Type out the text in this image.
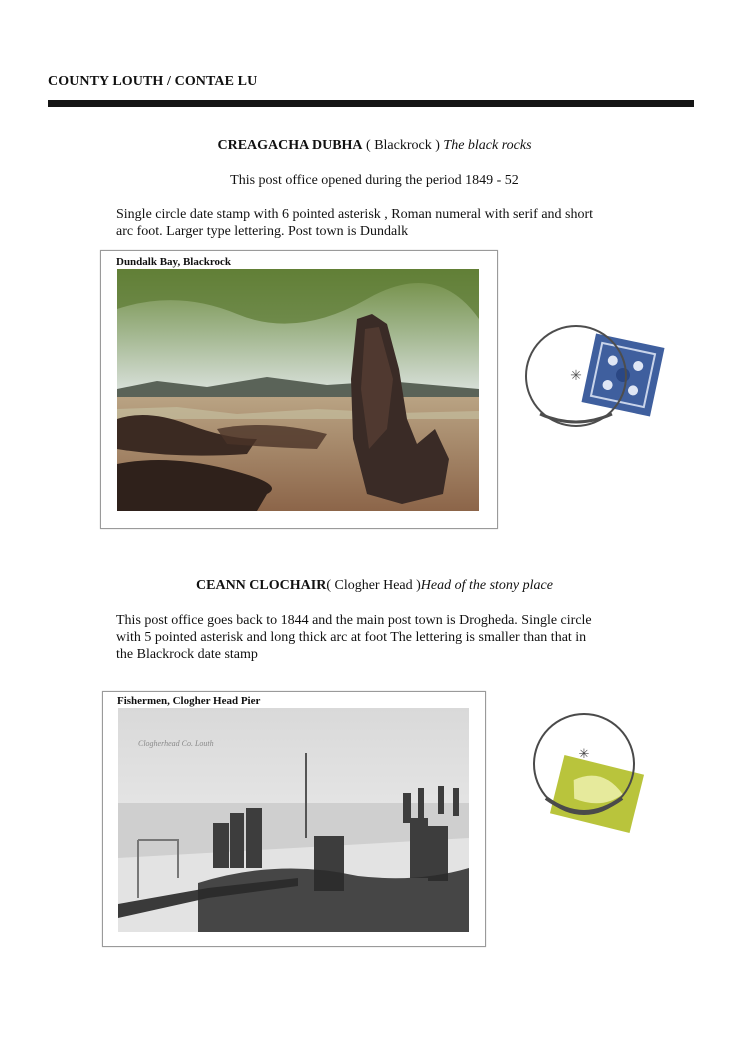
COUNTY LOUTH / CONTAE LU
CREAGACHA DUBHA ( Blackrock ) The black rocks
This post office opened during the period 1849 - 52
Single circle date stamp with 6 pointed asterisk , Roman numeral with serif and short
arc foot. Larger type lettering. Post town is Dundalk
Dundalk Bay, Blackrock
✳
CEANN CLOCHAIR( Clogher Head )Head of the stony place
This post office goes back to 1844 and the main post town is Drogheda. Single circle
with 5 pointed asterisk and long thick arc at foot The lettering is smaller than that in
the Blackrock date stamp
Fishermen, Clogher Head Pier
Clogherhead Co. Louth
✳
